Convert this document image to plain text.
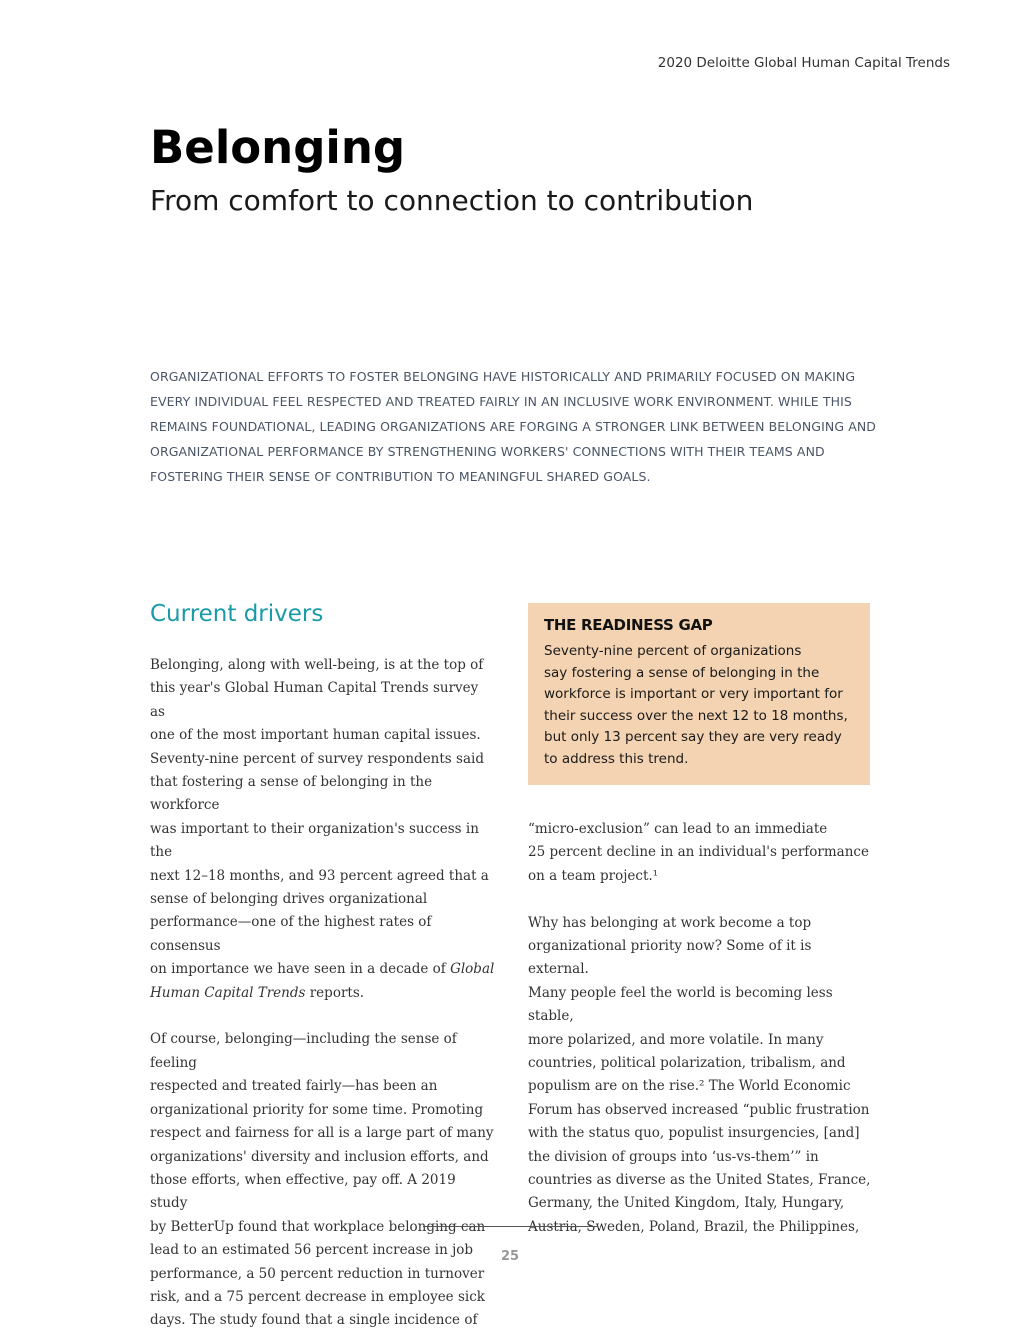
2020 Deloitte Global Human Capital Trends
Belonging
From comfort to connection to contribution

ORGANIZATIONAL EFFORTS TO FOSTER BELONGING HAVE HISTORICALLY AND PRIMARILY FOCUSED ON MAKING EVERY INDIVIDUAL FEEL RESPECTED AND TREATED FAIRLY IN AN INCLUSIVE WORK ENVIRONMENT. WHILE THIS REMAINS FOUNDATIONAL, LEADING ORGANIZATIONS ARE FORGING A STRONGER LINK BETWEEN BELONGING AND ORGANIZATIONAL PERFORMANCE BY STRENGTHENING WORKERS' CONNECTIONS WITH THEIR TEAMS AND FOSTERING THEIR SENSE OF CONTRIBUTION TO MEANINGFUL SHARED GOALS.

Current drivers

Belonging, along with well-being, is at the top of
this year's Global Human Capital Trends survey as
one of the most important human capital issues.
Seventy-nine percent of survey respondents said
that fostering a sense of belonging in the workforce
was important to their organization's success in the
next 12–18 months, and 93 percent agreed that a
sense of belonging drives organizational
performance—one of the highest rates of consensus
on importance we have seen in a decade of Global
Human Capital Trends reports.

Of course, belonging—including the sense of feeling
respected and treated fairly—has been an
organizational priority for some time. Promoting
respect and fairness for all is a large part of many
organizations' diversity and inclusion efforts, and
those efforts, when effective, pay off. A 2019 study
by BetterUp found that workplace belonging can
lead to an estimated 56 percent increase in job
performance, a 50 percent reduction in turnover
risk, and a 75 percent decrease in employee sick
days. The study found that a single incidence of

THE READINESS GAP

Seventy-nine percent of organizations
say fostering a sense of belonging in the
workforce is important or very important for
their success over the next 12 to 18 months,
but only 13 percent say they are very ready
to address this trend.

“micro-exclusion” can lead to an immediate
25 percent decline in an individual's performance
on a team project.¹

Why has belonging at work become a top
organizational priority now? Some of it is external.
Many people feel the world is becoming less stable,
more polarized, and more volatile. In many
countries, political polarization, tribalism, and
populism are on the rise.² The World Economic
Forum has observed increased “public frustration
with the status quo, populist insurgencies, [and]
the division of groups into ‘us-vs-them’” in
countries as diverse as the United States, France,
Germany, the United Kingdom, Italy, Hungary,
Austria, Sweden, Poland, Brazil, the Philippines,

25
